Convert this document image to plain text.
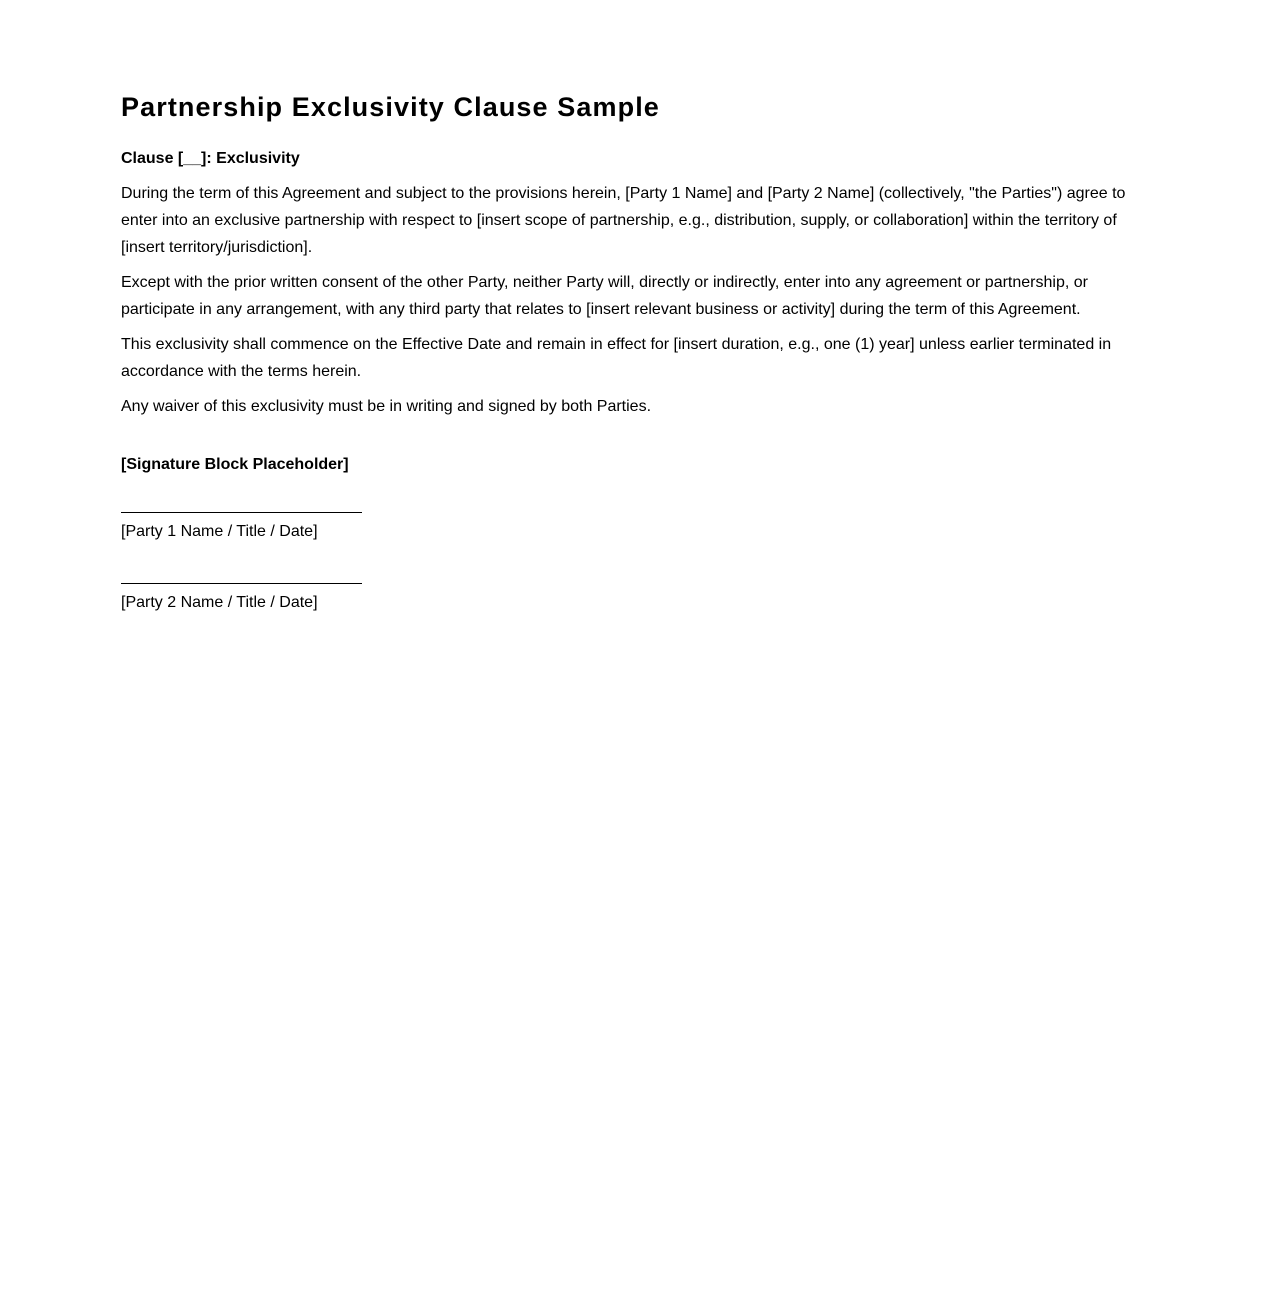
Partnership Exclusivity Clause Sample
Clause [__]: Exclusivity

During the term of this Agreement and subject to the provisions herein, [Party 1 Name] and [Party 2 Name] (collectively, "the Parties") agree to enter into an exclusive partnership with respect to [insert scope of partnership, e.g., distribution, supply, or collaboration] within the territory of [insert territory/jurisdiction].

Except with the prior written consent of the other Party, neither Party will, directly or indirectly, enter into any agreement or partnership, or participate in any arrangement, with any third party that relates to [insert relevant business or activity] during the term of this Agreement.

This exclusivity shall commence on the Effective Date and remain in effect for [insert duration, e.g., one (1) year] unless earlier terminated in accordance with the terms herein.

Any waiver of this exclusivity must be in writing and signed by both Parties.

[Signature Block Placeholder]
[Party 1 Name / Title / Date]
[Party 2 Name / Title / Date]
